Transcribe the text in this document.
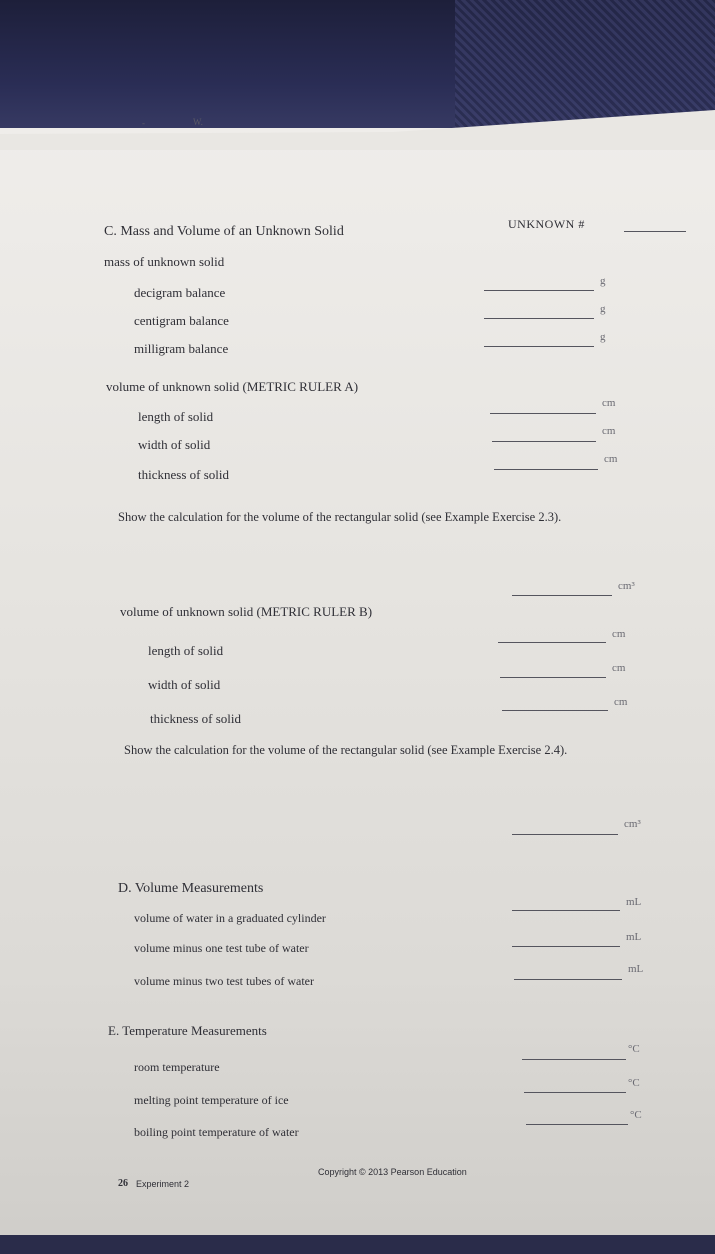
-	W.
C. Mass and Volume of an Unknown Solid	UNKNOWN #
mass of unknown solid
decigram balance
g
centigram balance
g
milligram balance
g
volume of unknown solid (METRIC RULER A)
length of solid
cm
width of solid
cm
thickness of solid
cm
Show the calculation for the volume of the rectangular solid (see Example Exercise 2.3).
cm³
volume of unknown solid (METRIC RULER B)
length of solid
cm
width of solid
cm
thickness of solid
cm
Show the calculation for the volume of the rectangular solid (see Example Exercise 2.4).
cm³
D. Volume Measurements
volume of water in a graduated cylinder
mL
volume minus one test tube of water
mL
volume minus two test tubes of water
mL
E. Temperature Measurements
room temperature
°C
melting point temperature of ice
°C
boiling point temperature of water
°C
26 Experiment 2
Copyright © 2013 Pearson Education
